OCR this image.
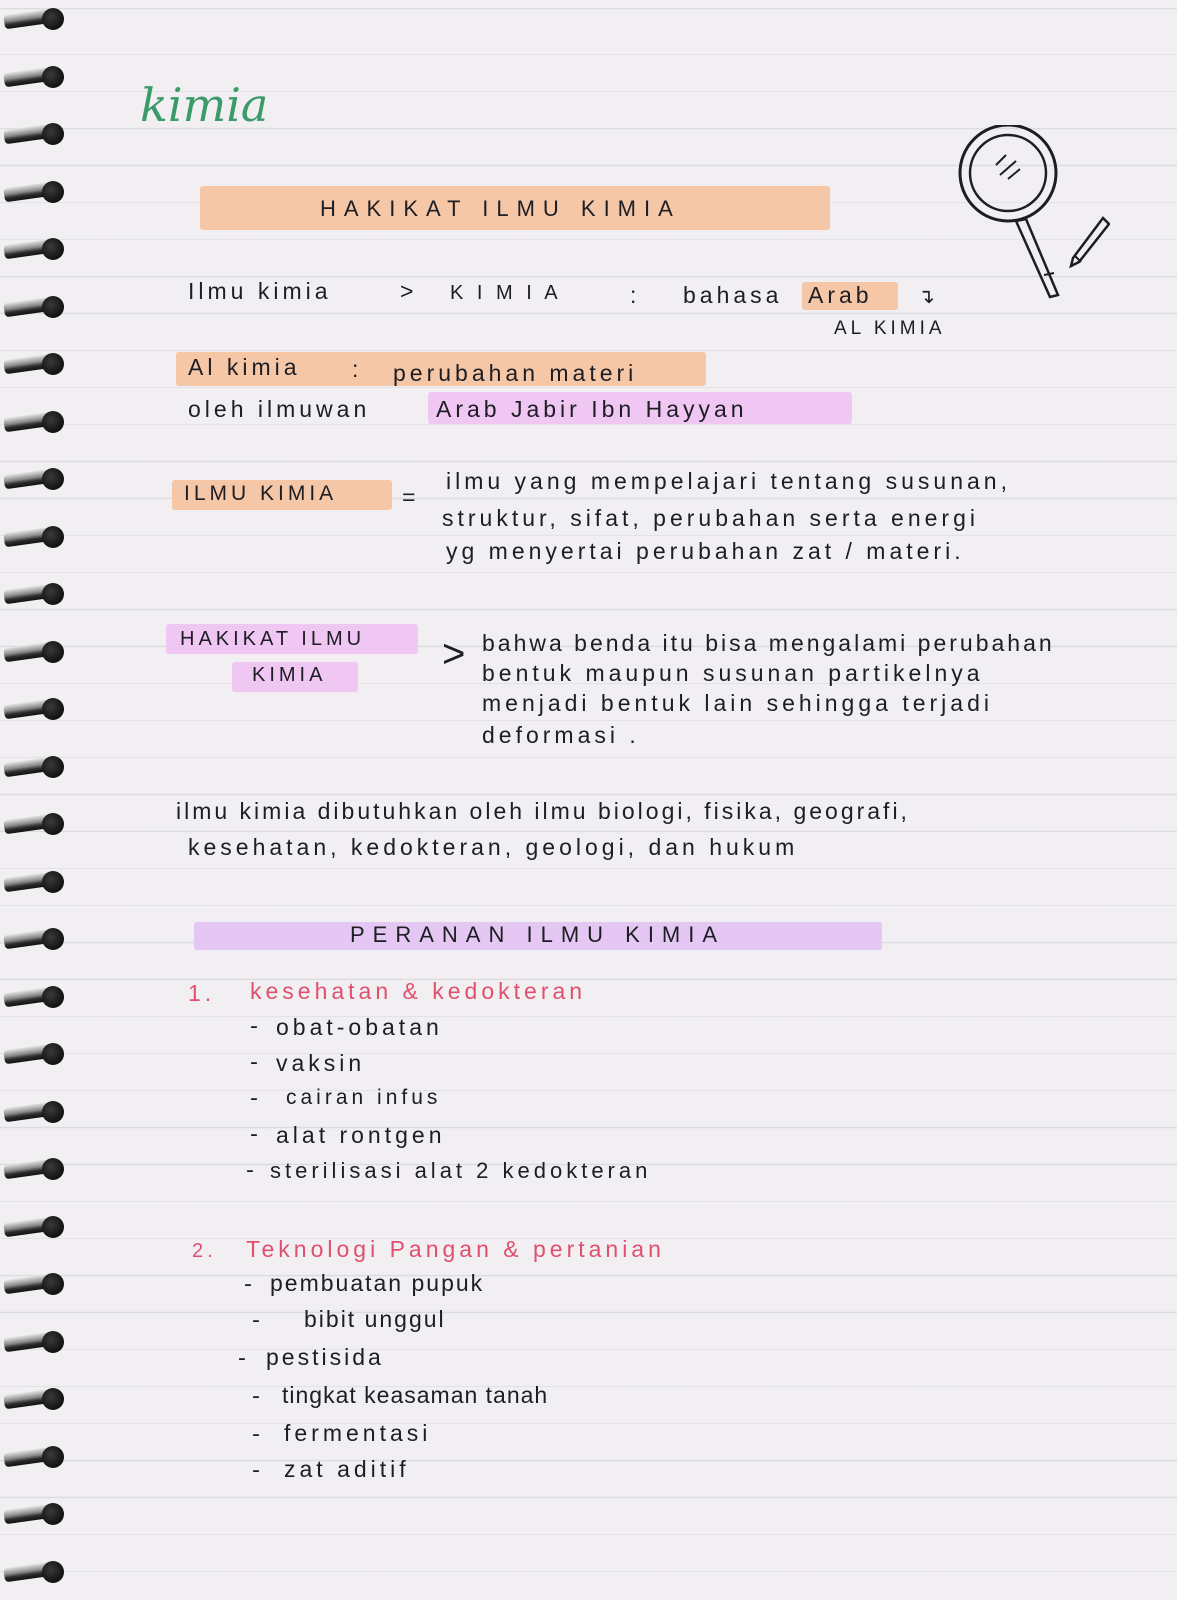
kimia
HAKIKAT ILMU KIMIA
Ilmu kimia	> K I M I A	: bahasa Arab ↴
AL KIMIA
Al kimia : perubahan materi
oleh ilmuwan	Arab Jabir Ibn Hayyan
ILMU KIMIA	=
ilmu yang mempelajari tentang susunan,
struktur, sifat, perubahan serta energi
yg menyertai perubahan zat / materi.
HAKIKAT ILMU
KIMIA	> bahwa benda itu bisa mengalami perubahan
bentuk maupun susunan partikelnya
menjadi bentuk lain sehingga terjadi
deformasi .
ilmu kimia dibutuhkan oleh ilmu biologi, fisika, geografi,
kesehatan, kedokteran, geologi, dan hukum
PERANAN ILMU KIMIA
1. kesehatan & kedokteran
- obat-obatan
- vaksin
- cairan infus
- alat rontgen
- sterilisasi alat 2 kedokteran
2. Teknologi Pangan & pertanian
- pembuatan pupuk
- bibit unggul
- pestisida
- tingkat keasaman tanah
- fermentasi
- zat aditif
